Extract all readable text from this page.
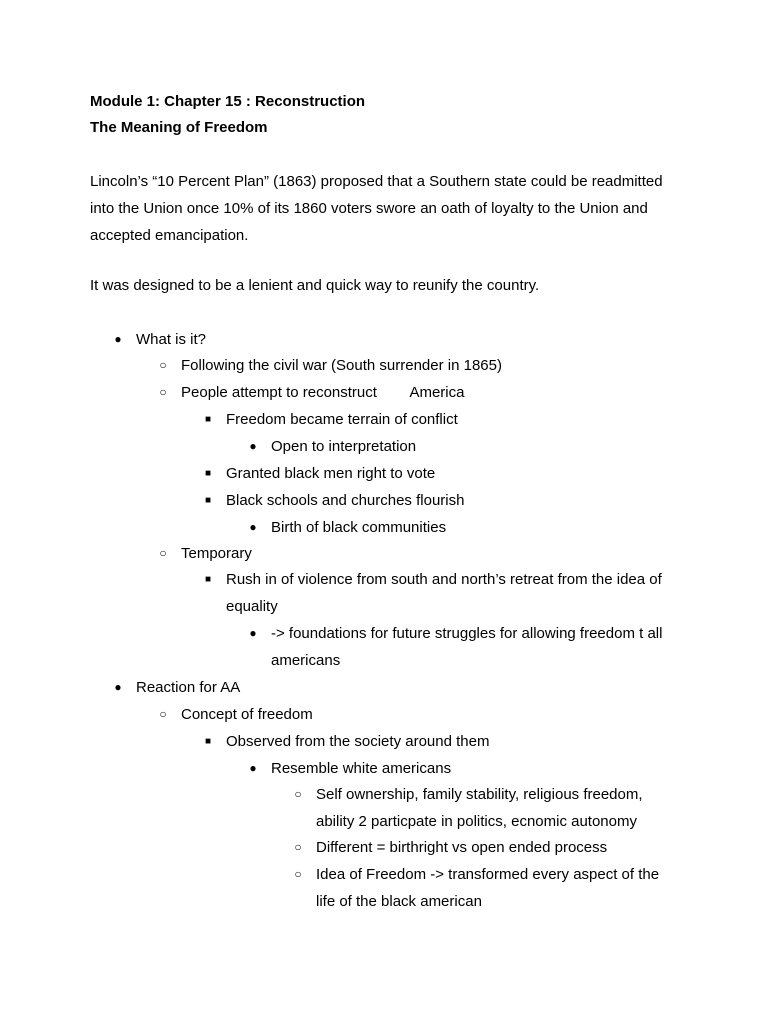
Module 1: Chapter 15 : Reconstruction

The Meaning of Freedom

Lincoln’s “10 Percent Plan” (1863) proposed that a Southern state could be readmitted into the Union once 10% of its 1860 voters swore an oath of loyalty to the Union and accepted emancipation.

It was designed to be a lenient and quick way to reunify the country.

● What is it?
○ Following the civil war (South surrender in 1865)
○ People attempt to reconstruct        America
■ Freedom became terrain of conflict
● Open to interpretation
■ Granted black men right to vote
■ Black schools and churches flourish
● Birth of black communities
○ Temporary
■ Rush in of violence from south and north’s retreat from the idea of equality
● -> foundations for future struggles for allowing freedom t all americans
● Reaction for AA
○ Concept of freedom
■ Observed from the society around them
● Resemble white americans
○ Self ownership, family stability, religious freedom, ability 2 particpate in politics, ecnomic autonomy
○ Different = birthright vs open ended process
○ Idea of Freedom -> transformed every aspect of the life of the black american
